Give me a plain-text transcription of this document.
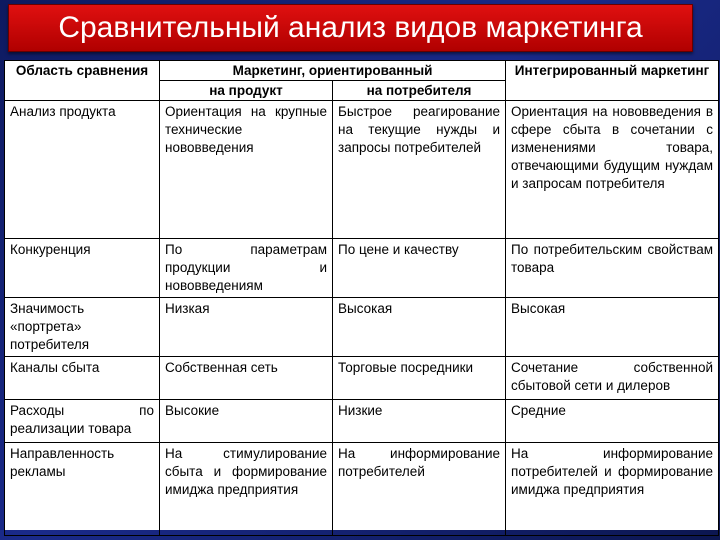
Сравнительный анализ видов маркетинга
Область сравнения	Маркетинг, ориентированный		Интегрированный маркетинг
	на продукт	на потребителя	
Анализ продукта	Ориентация на крупные технические нововведения	Быстрое реагирование на текущие нужды и запросы потребителей	Ориентация на нововведения в сфере сбыта в сочетании с изменениями товара, отвечающими будущим нуждам и запросам потребителя
Конкуренция	По параметрам продукции и нововведениям	По цене и качеству	По потребительским свойствам товара
Значимость «портрета» потребителя	Низкая	Высокая	Высокая
Каналы сбыта	Собственная сеть	Торговые посредники	Сочетание собственной сбытовой сети и дилеров
Расходы по реализации товара	Высокие	Низкие	Средние
Направленность рекламы	На стимулирование сбыта и формирование имиджа предприятия	На информирование потребителей	На информирование потребителей и формирование имиджа предприятия
